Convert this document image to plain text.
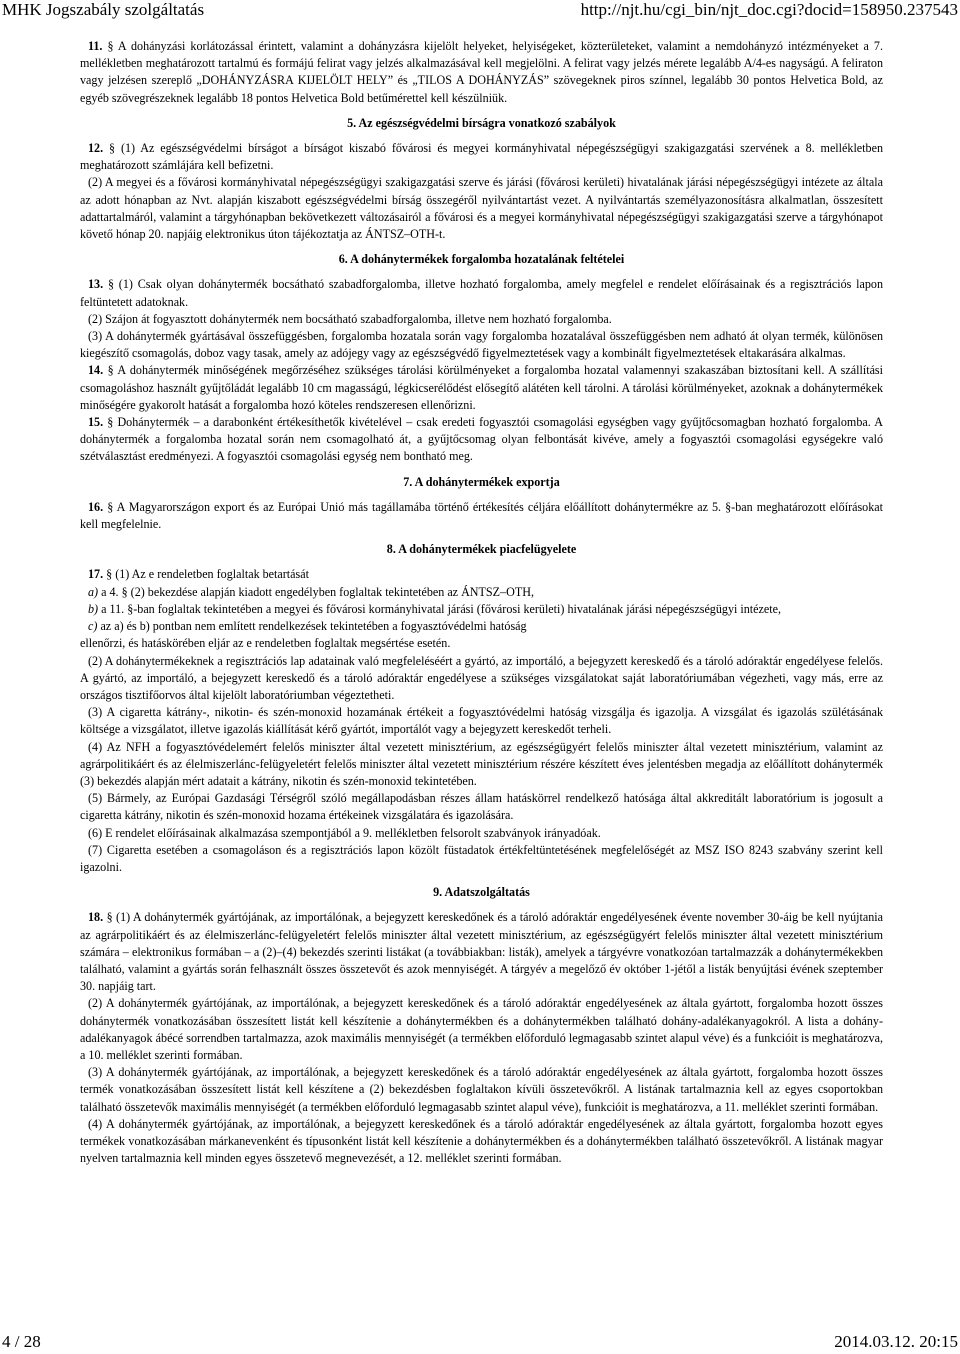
MHK Jogszabály szolgáltatás	http://njt.hu/cgi_bin/njt_doc.cgi?docid=158950.237543

11. § A dohányzási korlátozással érintett, valamint a dohányzásra kijelölt helyeket, helyiségeket, közterületeket, valamint a nemdohányzó intézményeket a 7. mellékletben meghatározott tartalmú és formájú felirat vagy jelzés alkalmazásával kell megjelölni. A felirat vagy jelzés mérete legalább A/4-es nagyságú. A feliraton vagy jelzésen szereplő „DOHÁNYZÁSRA KIJELÖLT HELY” és „TILOS A DOHÁNYZÁS” szövegeknek piros színnel, legalább 30 pontos Helvetica Bold, az egyéb szövegrészeknek legalább 18 pontos Helvetica Bold betűmérettel kell készülniük.

5. Az egészségvédelmi bírságra vonatkozó szabályok

12. § (1) Az egészségvédelmi bírságot a bírságot kiszabó fővárosi és megyei kormányhivatal népegészségügyi szakigazgatási szervének a 8. mellékletben meghatározott számlájára kell befizetni.

(2) A megyei és a fővárosi kormányhivatal népegészségügyi szakigazgatási szerve és járási (fővárosi kerületi) hivatalának járási népegészségügyi intézete az általa az adott hónapban az Nvt. alapján kiszabott egészségvédelmi bírság összegéről nyilvántartást vezet. A nyilvántartás személyazonosításra alkalmatlan, összesített adattartalmáról, valamint a tárgyhónapban bekövetkezett változásairól a fővárosi és a megyei kormányhivatal népegészségügyi szakigazgatási szerve a tárgyhónapot követő hónap 20. napjáig elektronikus úton tájékoztatja az ÁNTSZ–OTH-t.

6. A dohánytermékek forgalomba hozatalának feltételei

13. § (1) Csak olyan dohánytermék bocsátható szabadforgalomba, illetve hozható forgalomba, amely megfelel e rendelet előírásainak és a regisztrációs lapon feltüntetett adatoknak.

(2) Szájon át fogyasztott dohánytermék nem bocsátható szabadforgalomba, illetve nem hozható forgalomba.

(3) A dohánytermék gyártásával összefüggésben, forgalomba hozatala során vagy forgalomba hozatalával összefüggésben nem adható át olyan termék, különösen kiegészítő csomagolás, doboz vagy tasak, amely az adójegy vagy az egészségvédő figyelmeztetések vagy a kombinált figyelmeztetések eltakarására alkalmas.

14. § A dohánytermék minőségének megőrzéséhez szükséges tárolási körülményeket a forgalomba hozatal valamennyi szakaszában biztosítani kell. A szállítási csomagoláshoz használt gyűjtőládát legalább 10 cm magasságú, légkicserélődést elősegítő alátéten kell tárolni. A tárolási körülményeket, azoknak a dohánytermékek minőségére gyakorolt hatását a forgalomba hozó köteles rendszeresen ellenőrizni.

15. § Dohánytermék – a darabonként értékesíthetők kivételével – csak eredeti fogyasztói csomagolási egységben vagy gyűjtőcsomagban hozható forgalomba. A dohánytermék a forgalomba hozatal során nem csomagolható át, a gyűjtőcsomag olyan felbontását kivéve, amely a fogyasztói csomagolási egységekre való szétválasztást eredményezi. A fogyasztói csomagolási egység nem bontható meg.

7. A dohánytermékek exportja

16. § A Magyarországon export és az Európai Unió más tagállamába történő értékesítés céljára előállított dohánytermékre az 5. §-ban meghatározott előírásokat kell megfelelnie.

8. A dohánytermékek piacfelügyelete

17. § (1) Az e rendeletben foglaltak betartását

a) a 4. § (2) bekezdése alapján kiadott engedélyben foglaltak tekintetében az ÁNTSZ–OTH,

b) a 11. §-ban foglaltak tekintetében a megyei és fővárosi kormányhivatal járási (fővárosi kerületi) hivatalának járási népegészségügyi intézete,

c) az a) és b) pontban nem említett rendelkezések tekintetében a fogyasztóvédelmi hatóság

ellenőrzi, és hatáskörében eljár az e rendeletben foglaltak megsértése esetén.

(2) A dohánytermékeknek a regisztrációs lap adatainak való megfeleléséért a gyártó, az importáló, a bejegyzett kereskedő és a tároló adóraktár engedélyese felelős. A gyártó, az importáló, a bejegyzett kereskedő és a tároló adóraktár engedélyese a szükséges vizsgálatokat saját laboratóriumában végezheti, vagy más, erre az országos tisztifőorvos által kijelölt laboratóriumban végeztetheti.

(3) A cigaretta kátrány-, nikotin- és szén-monoxid hozamának értékeit a fogyasztóvédelmi hatóság vizsgálja és igazolja. A vizsgálat és igazolás szülétásának költsége a vizsgálatot, illetve igazolás kiállítását kérő gyártót, importálót vagy a bejegyzett kereskedőt terheli.

(4) Az NFH a fogyasztóvédelemért felelős miniszter által vezetett minisztérium, az egészségügyért felelős miniszter által vezetett minisztérium, valamint az agrárpolitikáért és az élelmiszerlánc-felügyeletért felelős miniszter által vezetett minisztérium részére készített éves jelentésben megadja az előállított dohánytermék (3) bekezdés alapján mért adatait a kátrány, nikotin és szén-monoxid tekintetében.

(5) Bármely, az Európai Gazdasági Térségről szóló megállapodásban részes állam hatáskörrel rendelkező hatósága által akkreditált laboratórium is jogosult a cigaretta kátrány, nikotin és szén-monoxid hozama értékeinek vizsgálatára és igazolására.

(6) E rendelet előírásainak alkalmazása szempontjából a 9. mellékletben felsorolt szabványok irányadóak.

(7) Cigaretta esetében a csomagoláson és a regisztrációs lapon közölt füstadatok értékfeltüntetésének megfelelőségét az MSZ ISO 8243 szabvány szerint kell igazolni.

9. Adatszolgáltatás

18. § (1) A dohánytermék gyártójának, az importálónak, a bejegyzett kereskedőnek és a tároló adóraktár engedélyesének évente november 30-áig be kell nyújtania az agrárpolitikáért és az élelmiszerlánc-felügyeletért felelős miniszter által vezetett minisztérium, az egészségügyért felelős miniszter által vezetett minisztérium számára – elektronikus formában – a (2)–(4) bekezdés szerinti listákat (a továbbiakban: listák), amelyek a tárgyévre vonatkozóan tartalmazzák a dohánytermékekben található, valamint a gyártás során felhasznált összes összetevőt és azok mennyiségét. A tárgyév a megelőző év október 1-jétől a listák benyújtási évének szeptember 30. napjáig tart.

(2) A dohánytermék gyártójának, az importálónak, a bejegyzett kereskedőnek és a tároló adóraktár engedélyesének az általa gyártott, forgalomba hozott összes dohánytermék vonatkozásában összesített listát kell készítenie a dohánytermékben és a dohánytermékben található dohány-adalékanyagokról. A lista a dohány-adalékanyagok ábécé sorrendben tartalmazza, azok maximális mennyiségét (a termékben előforduló legmagasabb szintet alapul véve) és a funkcióit is meghatározva, a 10. melléklet szerinti formában.

(3) A dohánytermék gyártójának, az importálónak, a bejegyzett kereskedőnek és a tároló adóraktár engedélyesének az általa gyártott, forgalomba hozott összes termék vonatkozásában összesített listát kell készítene a (2) bekezdésben foglaltakon kívüli összetevőkről. A listának tartalmaznia kell az egyes csoportokban található összetevők maximális mennyiségét (a termékben előforduló legmagasabb szintet alapul véve), funkcióit is meghatározva, a 11. melléklet szerinti formában.

(4) A dohánytermék gyártójának, az importálónak, a bejegyzett kereskedőnek és a tároló adóraktár engedélyesének az általa gyártott, forgalomba hozott egyes termékek vonatkozásában márkanevenként és típusonként listát kell készítenie a dohánytermékben és a dohánytermékben található összetevőkről. A listának magyar nyelven tartalmaznia kell minden egyes összetevő megnevezését, a 12. melléklet szerinti formában.

4 / 28	2014.03.12. 20:15
